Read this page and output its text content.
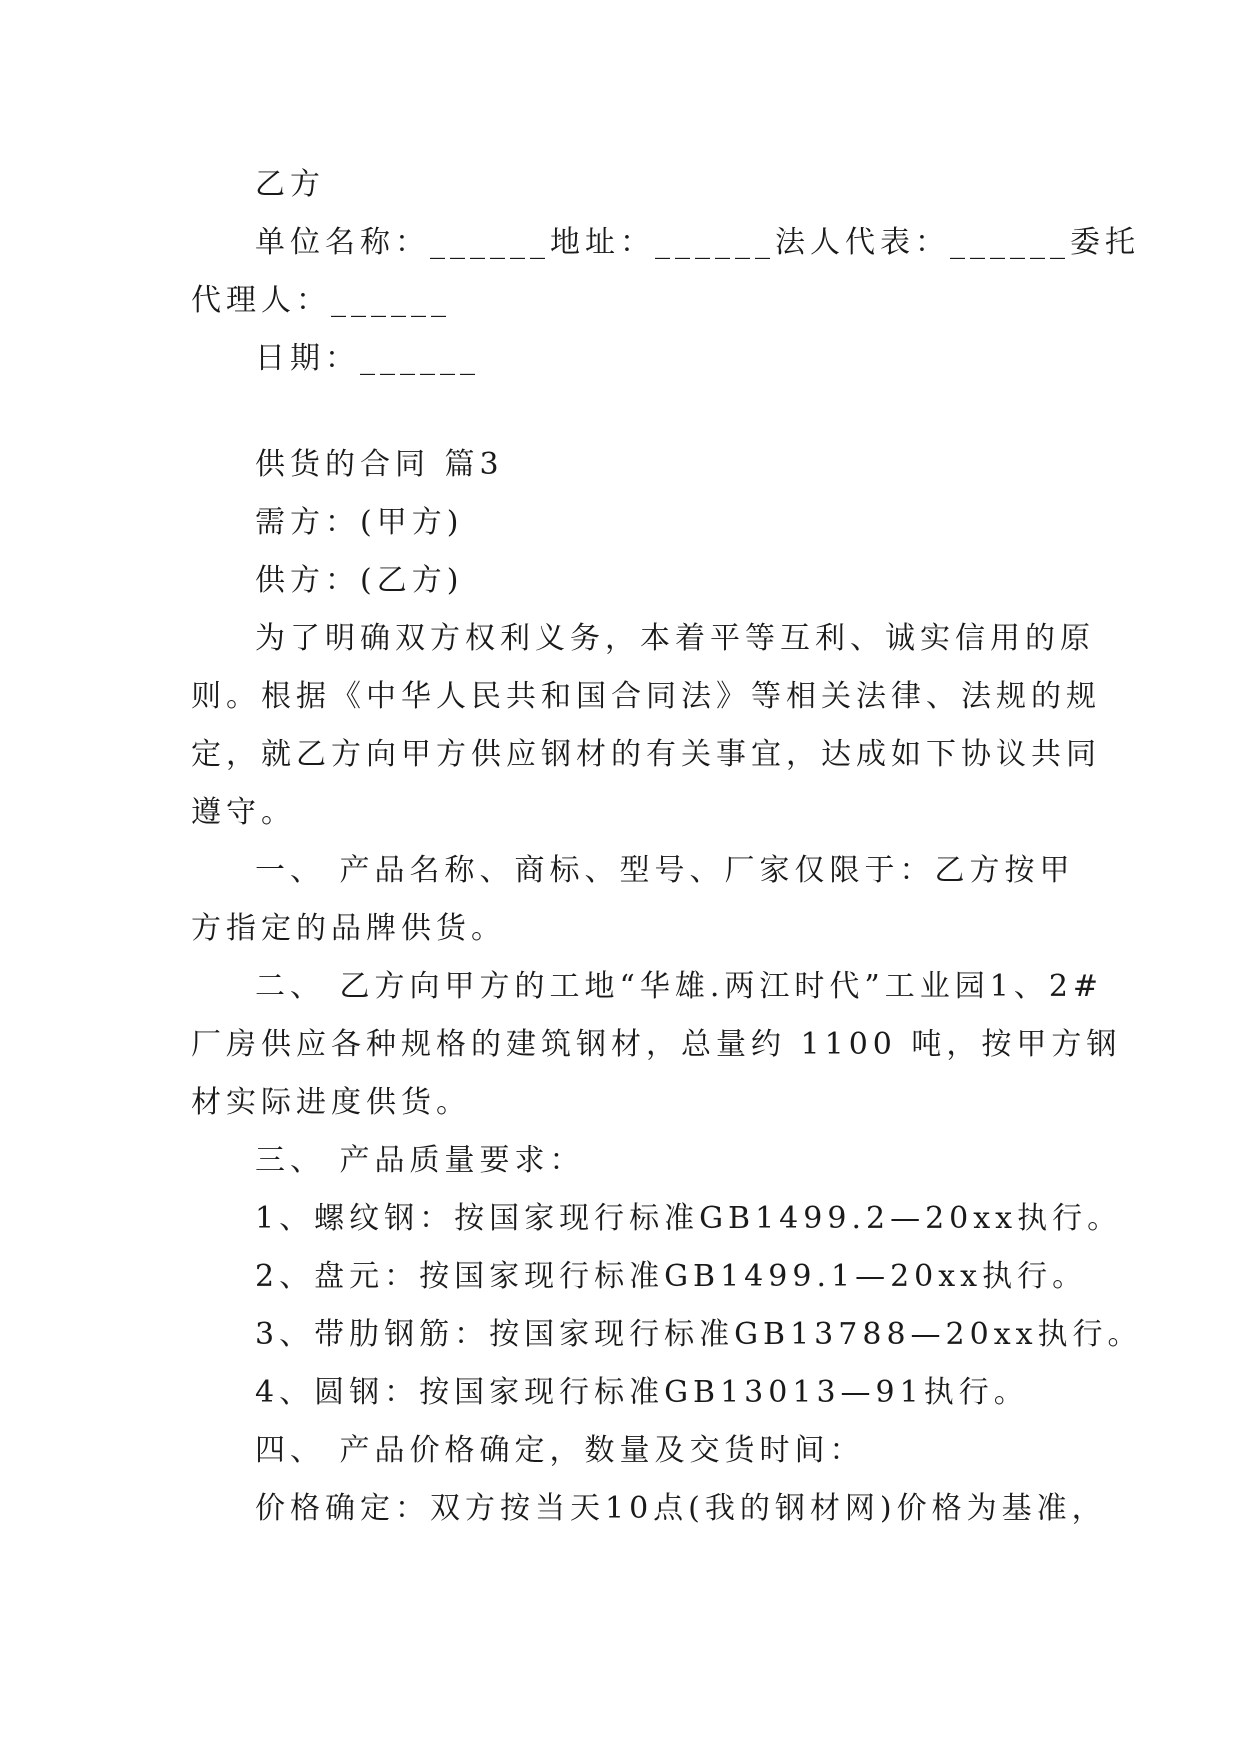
乙方

单位名称：______地址：______法人代表：______委托

代理人：______

日期：______

供货的合同 篇3

需方：(甲方)

供方：(乙方)

为了明确双方权利义务，本着平等互利、诚实信用的原

则。根据《中华人民共和国合同法》等相关法律、法规的规

定，就乙方向甲方供应钢材的有关事宜，达成如下协议共同

遵守。

一、 产品名称、商标、型号、厂家仅限于：乙方按甲

方指定的品牌供货。

二、 乙方向甲方的工地“华雄.两江时代”工业园1、2#

厂房供应各种规格的建筑钢材，总量约 1100 吨，按甲方钢

材实际进度供货。

三、 产品质量要求：

1、螺纹钢：按国家现行标准GB1499.2—20xx执行。

2、盘元：按国家现行标准GB1499.1—20xx执行。

3、带肋钢筋：按国家现行标准GB13788—20xx执行。

4、圆钢：按国家现行标准GB13013—91执行。

四、 产品价格确定，数量及交货时间：

价格确定：双方按当天10点(我的钢材网)价格为基准，
